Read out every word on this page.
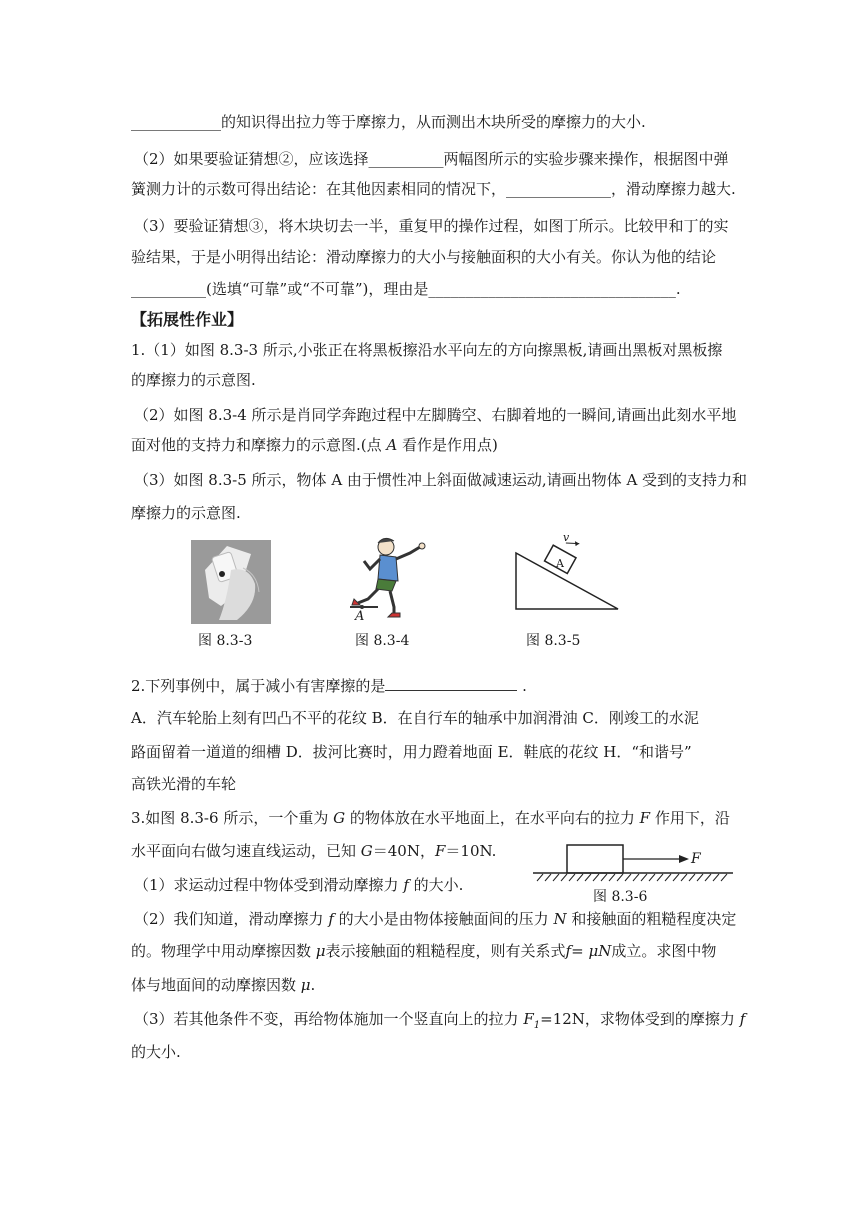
____________的知识得出拉力等于摩擦力，从而测出木块所受的摩擦力的大小.
（2）如果要验证猜想②，应该选择__________两幅图所示的实验步骤来操作，根据图中弹
簧测力计的示数可得出结论：在其他因素相同的情况下，______________，滑动摩擦力越大.
（3）要验证猜想③，将木块切去一半，重复甲的操作过程，如图丁所示。比较甲和丁的实
验结果，于是小明得出结论：滑动摩擦力的大小与接触面积的大小有关。你认为他的结论
__________(选填“可靠”或“不可靠”)，理由是_________________________________.
【拓展性作业】
1.（1）如图 8.3-3 所示,小张正在将黑板擦沿水平向左的方向擦黑板,请画出黑板对黑板擦
的摩擦力的示意图.
（2）如图 8.3-4 所示是肖同学奔跑过程中左脚腾空、右脚着地的一瞬间,请画出此刻水平地
面对他的支持力和摩擦力的示意图.(点 A 看作是作用点)
（3）如图 8.3-5 所示，物体 A 由于惯性冲上斜面做减速运动,请画出物体 A 受到的支持力和
摩擦力的示意图.
图 8.3-3
A
图 8.3-4
A
v
图 8.3-5
2.下列事例中，属于减小有害摩擦的是	.
A．汽车轮胎上刻有凹凸不平的花纹 B．在自行车的轴承中加润滑油 C．刚竣工的水泥
路面留着一道道的细槽 D．拔河比赛时，用力蹬着地面 E．鞋底的花纹 H．“和谐号”
高铁光滑的车轮
3.如图 8.3-6 所示，一个重为 G 的物体放在水平地面上，在水平向右的拉力 F 作用下，沿
水平面向右做匀速直线运动，已知 G＝40N，F＝10N.
（1）求运动过程中物体受到滑动摩擦力 f 的大小.
F
图 8.3-6
（2）我们知道，滑动摩擦力 f 的大小是由物体接触面间的压力 N 和接触面的粗糙程度决定
的。物理学中用动摩擦因数 μ表示接触面的粗糙程度，则有关系式f= μN成立。求图中物
体与地面间的动摩擦因数 μ.
（3）若其他条件不变，再给物体施加一个竖直向上的拉力 $F_1=12N$，求物体受到的摩擦力 f
的大小.
